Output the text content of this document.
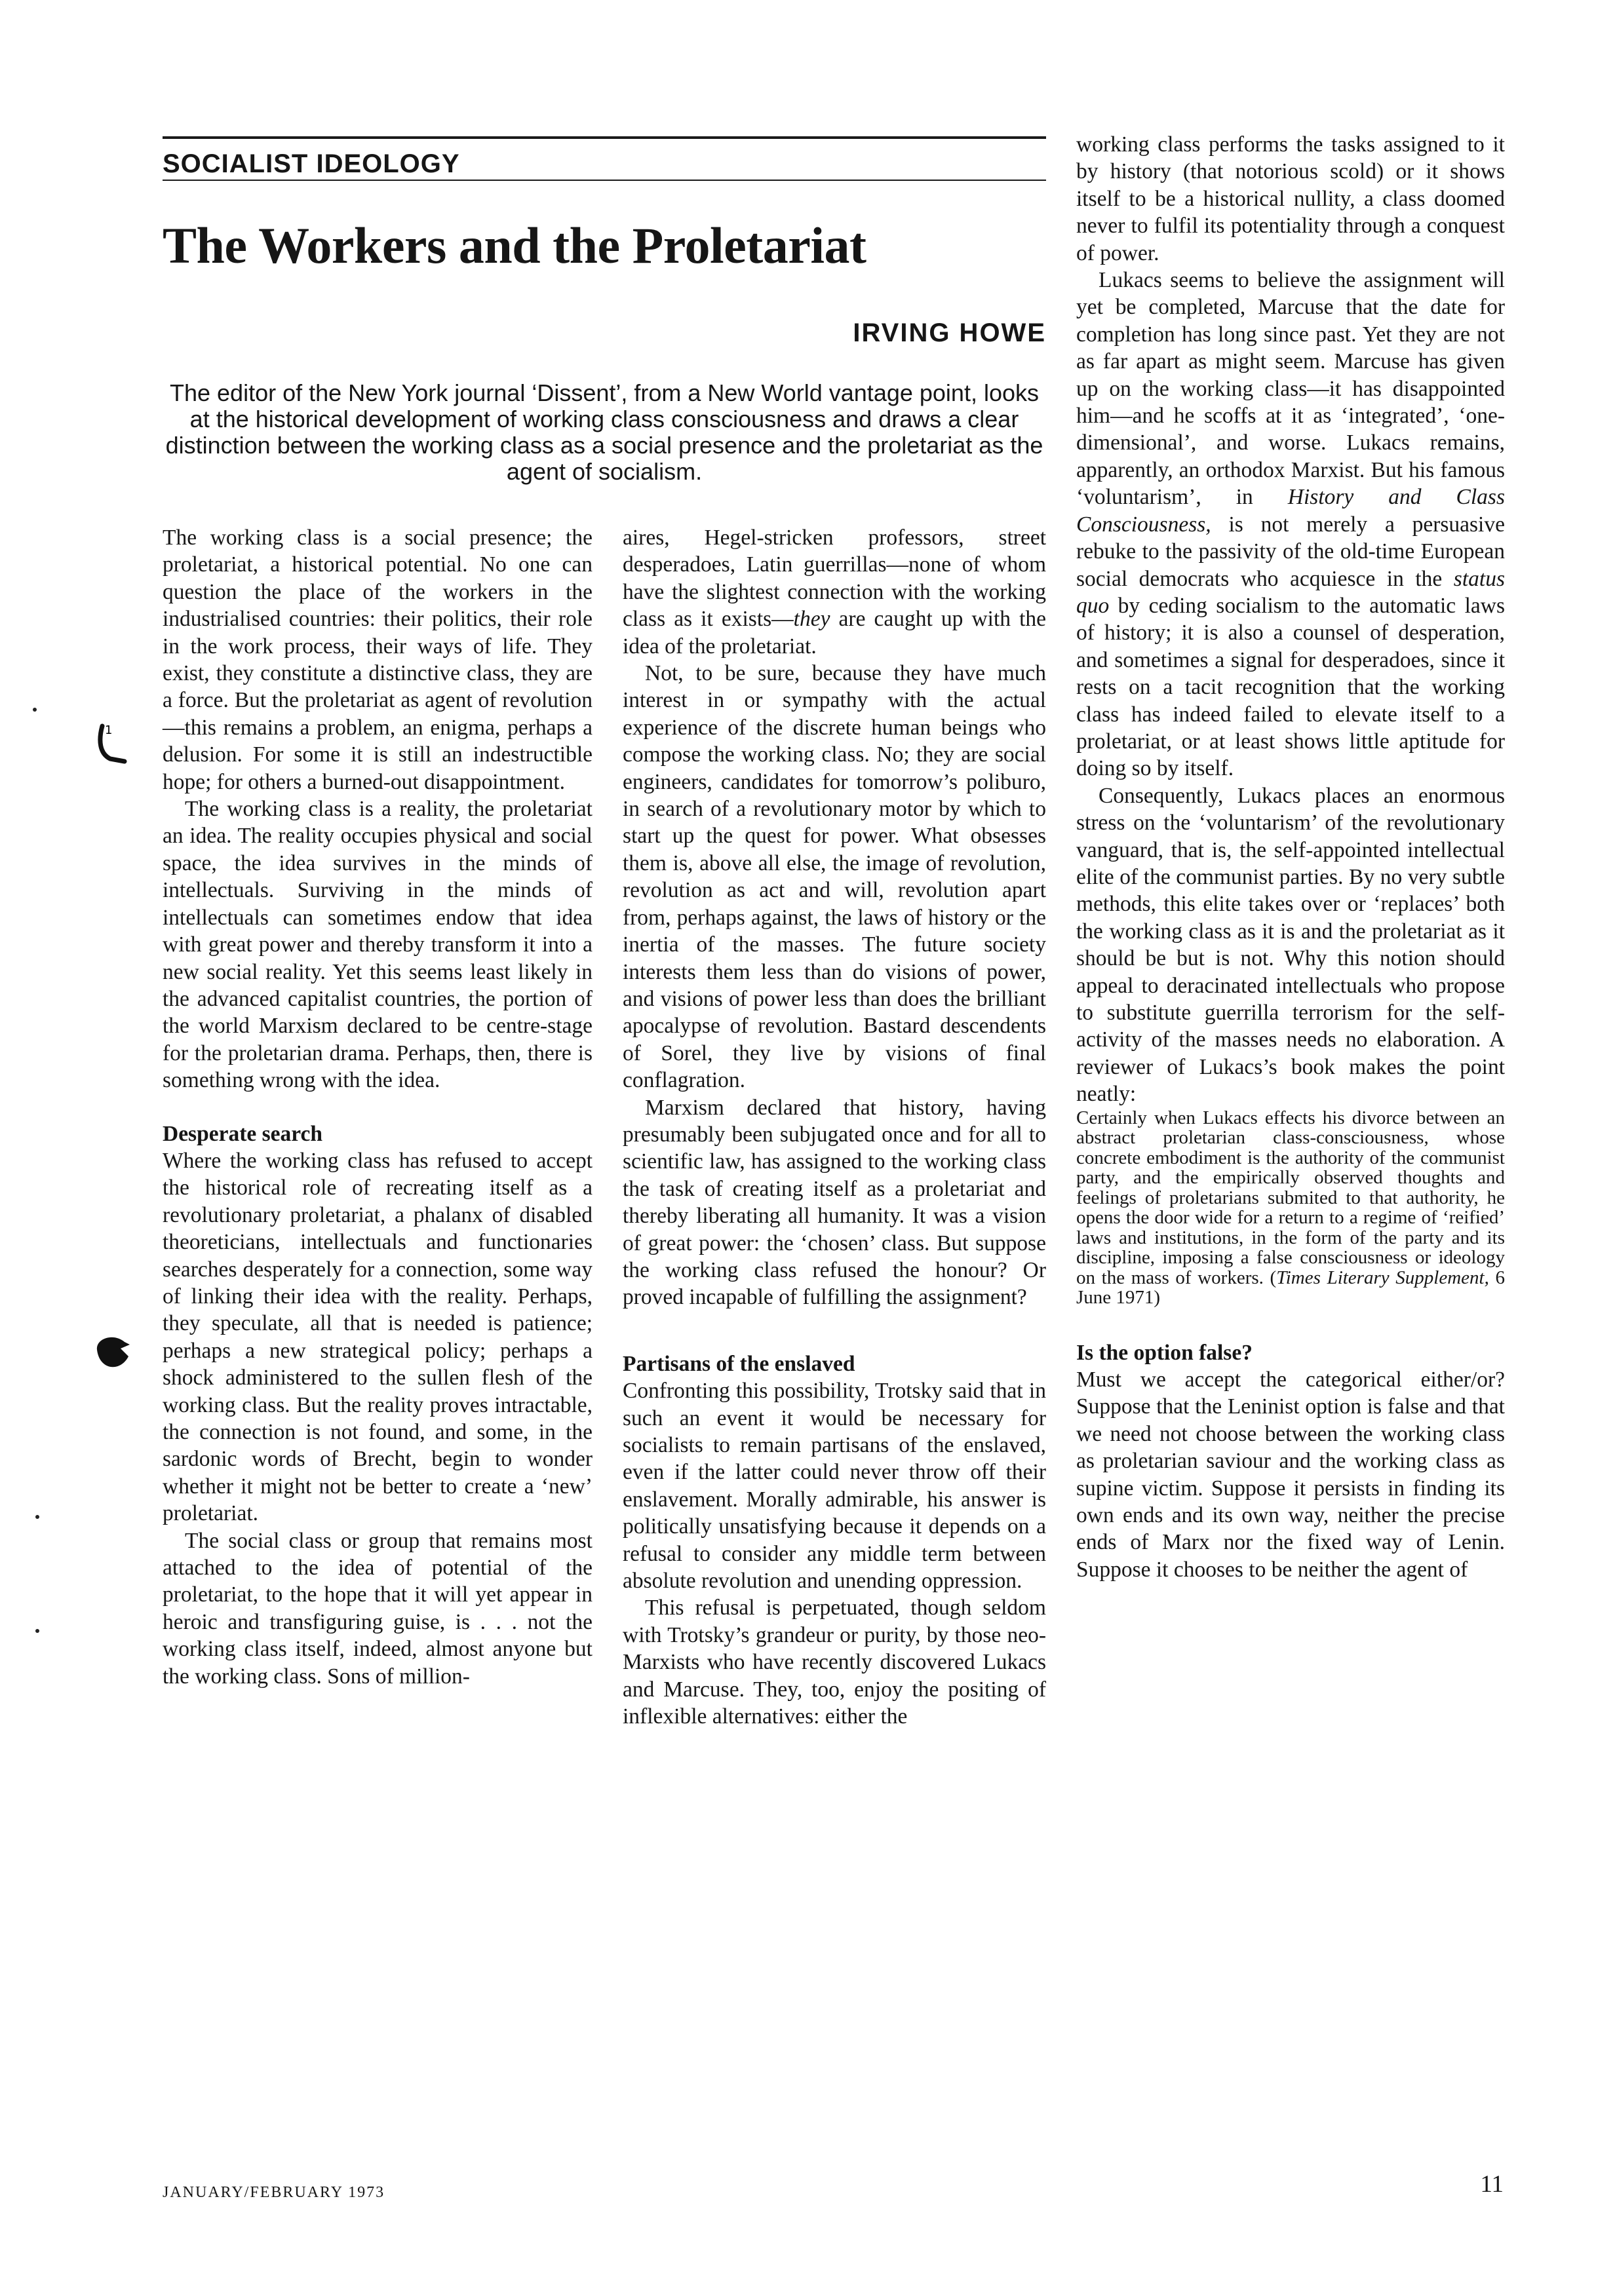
SOCIALIST IDEOLOGY

The Workers and the Proletariat

IRVING HOWE

The editor of the New York journal ‘Dissent’, from a New World vantage point, looks at the historical development of working class consciousness and draws a clear distinction between the working class as a social presence and the proletariat as the agent of socialism.

1

The working class is a social presence; the proletariat, a historical potential. No one can question the place of the workers in the industrialised countries: their politics, their role in the work process, their ways of life. They exist, they constitute a distinctive class, they are a force. But the proletariat as agent of revolution—this remains a problem, an enigma, perhaps a delusion. For some it is still an indestructible hope; for others a burned-out disappointment.

The working class is a reality, the proletariat an idea. The reality occupies physical and social space, the idea survives in the minds of intellectuals. Surviving in the minds of intellectuals can sometimes endow that idea with great power and thereby transform it into a new social reality. Yet this seems least likely in the advanced capitalist countries, the portion of the world Marxism declared to be centre-stage for the proletarian drama. Perhaps, then, there is something wrong with the idea.

Desperate search

Where the working class has refused to accept the historical role of recreating itself as a revolutionary proletariat, a phalanx of disabled theoreticians, intellectuals and functionaries searches desperately for a connection, some way of linking their idea with the reality. Perhaps, they speculate, all that is needed is patience; perhaps a new strategical policy; perhaps a shock administered to the sullen flesh of the working class. But the reality proves intractable, the connection is not found, and some, in the sardonic words of Brecht, begin to wonder whether it might not be better to create a ‘new’ proletariat.

The social class or group that remains most attached to the idea of potential of the proletariat, to the hope that it will yet appear in heroic and transfiguring guise, is . . . not the working class itself, indeed, almost anyone but the working class. Sons of million-

aires, Hegel-stricken professors, street desperadoes, Latin guerrillas—none of whom have the slightest connection with the working class as it exists—they are caught up with the idea of the proletariat.

Not, to be sure, because they have much interest in or sympathy with the actual experience of the discrete human beings who compose the working class. No; they are social engineers, candidates for tomorrow’s poliburo, in search of a revolutionary motor by which to start up the quest for power. What obsesses them is, above all else, the image of revolution, revolution as act and will, revolution apart from, perhaps against, the laws of history or the inertia of the masses. The future society interests them less than do visions of power, and visions of power less than does the brilliant apocalypse of revolution. Bastard descendents of Sorel, they live by visions of final conflagration.

Marxism declared that history, having presumably been subjugated once and for all to scientific law, has assigned to the working class the task of creating itself as a proletariat and thereby liberating all humanity. It was a vision of great power: the ‘chosen’ class. But suppose the working class refused the honour? Or proved incapable of fulfilling the assignment?

Partisans of the enslaved

Confronting this possibility, Trotsky said that in such an event it would be necessary for socialists to remain partisans of the enslaved, even if the latter could never throw off their enslavement. Morally admirable, his answer is politically unsatisfying because it depends on a refusal to consider any middle term between absolute revolution and unending oppression.

This refusal is perpetuated, though seldom with Trotsky’s grandeur or purity, by those neo-Marxists who have recently discovered Lukacs and Marcuse. They, too, enjoy the positing of inflexible alternatives: either the

working class performs the tasks assigned to it by history (that notorious scold) or it shows itself to be a historical nullity, a class doomed never to fulfil its potentiality through a conquest of power.

Lukacs seems to believe the assignment will yet be completed, Marcuse that the date for completion has long since past. Yet they are not as far apart as might seem. Marcuse has given up on the working class—it has disappointed him—and he scoffs at it as ‘integrated’, ‘one-dimensional’, and worse. Lukacs remains, apparently, an orthodox Marxist. But his famous ‘voluntarism’, in History and Class Consciousness, is not merely a persuasive rebuke to the passivity of the old-time European social democrats who acquiesce in the status quo by ceding socialism to the automatic laws of history; it is also a counsel of desperation, and sometimes a signal for desperadoes, since it rests on a tacit recognition that the working class has indeed failed to elevate itself to a proletariat, or at least shows little aptitude for doing so by itself.

Consequently, Lukacs places an enormous stress on the ‘voluntarism’ of the revolutionary vanguard, that is, the self-appointed intellectual elite of the communist parties. By no very subtle methods, this elite takes over or ‘replaces’ both the working class as it is and the proletariat as it should be but is not. Why this notion should appeal to deracinated intellectuals who propose to substitute guerrilla terrorism for the self-activity of the masses needs no elaboration. A reviewer of Lukacs’s book makes the point neatly:

Certainly when Lukacs effects his divorce between an abstract proletarian class-consciousness, whose concrete embodiment is the authority of the communist party, and the empirically observed thoughts and feelings of proletarians submited to that authority, he opens the door wide for a return to a regime of ‘reified’ laws and institutions, in the form of the party and its discipline, imposing a false consciousness or ideology on the mass of workers. (Times Literary Supplement, 6 June 1971)

Is the option false?

Must we accept the categorical either/or? Suppose that the Leninist option is false and that we need not choose between the working class as proletarian saviour and the working class as supine victim. Suppose it persists in finding its own ends and its own way, neither the precise ends of Marx nor the fixed way of Lenin. Suppose it chooses to be neither the agent of

JANUARY/FEBRUARY 1973	11
